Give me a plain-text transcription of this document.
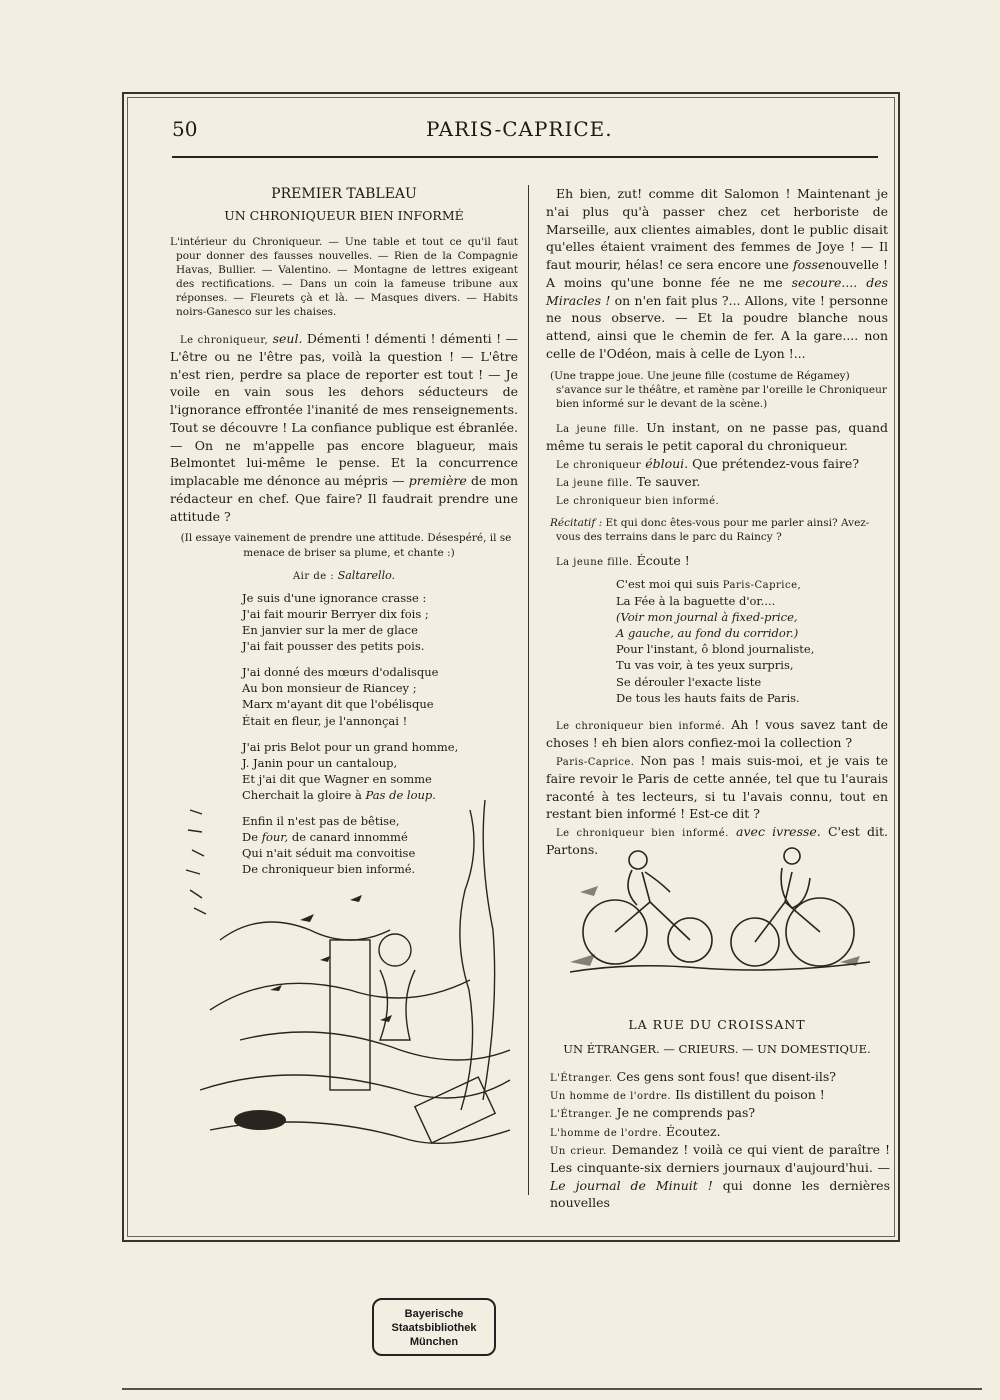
50	PARIS-CAPRICE.

PREMIER TABLEAU

UN CHRONIQUEUR BIEN INFORMÉ

L'intérieur du Chroniqueur. — Une table et tout ce qu'il faut pour donner des fausses nouvelles. — Rien de la Compagnie Havas, Bullier. — Valentino. — Montagne de lettres exigeant des rectifications. — Dans un coin la fameuse tribune aux réponses. — Fleurets çà et là. — Masques divers. — Habits noirs-Ganesco sur les chaises.

Le chroniqueur, seul. Démenti ! démenti ! démenti ! — L'être ou ne l'être pas, voilà la question ! — L'être n'est rien, perdre sa place de reporter est tout ! — Je voile en vain sous les dehors séducteurs de l'ignorance effrontée l'inanité de mes renseignements. Tout se découvre ! La confiance publique est ébranlée. — On ne m'appelle pas encore blagueur, mais Belmontet lui-même le pense. Et la concurrence implacable me dénonce au mépris — première de mon rédacteur en chef. Que faire? Il faudrait prendre une attitude ?

(Il essaye vainement de prendre une attitude. Désespéré, il se menace de briser sa plume, et chante :)

Air de : Saltarello.

Je suis d'une ignorance crasse :
J'ai fait mourir Berryer dix fois ;
En janvier sur la mer de glace
J'ai fait pousser des petits pois.
J'ai donné des mœurs d'odalisque
Au bon monsieur de Riancey ;
Marx m'ayant dit que l'obélisque
Était en fleur, je l'annonçai !
J'ai pris Belot pour un grand homme,
J. Janin pour un cantaloup,
Et j'ai dit que Wagner en somme
Cherchait la gloire à Pas de loup.
Enfin il n'est pas de bêtise,
De four, de canard innommé
Qui n'ait séduit ma convoitise
De chroniqueur bien informé.

Eh bien, zut! comme dit Salomon ! Maintenant je n'ai plus qu'à passer chez cet herboriste de Marseille, aux clientes aimables, dont le public disait qu'elles étaient vraiment des femmes de Joye ! — Il faut mourir, hélas! ce sera encore une fossenouvelle ! A moins qu'une bonne fée ne me secoure.... des Miracles ! on n'en fait plus ?... Allons, vite ! personne ne nous observe. — Et la poudre blanche nous attend, ainsi que le chemin de fer. A la gare.... non celle de l'Odéon, mais à celle de Lyon !...

(Une trappe joue. Une jeune fille (costume de Régamey) s'avance sur le théâtre, et ramène par l'oreille le Chroniqueur bien informé sur le devant de la scène.)

La jeune fille. Un instant, on ne passe pas, quand même tu serais le petit caporal du chroniqueur.

Le chroniqueur ébloui. Que prétendez-vous faire?

La jeune fille. Te sauver.

Le chroniqueur bien informé.

Récitatif : Et qui donc êtes-vous pour me parler ainsi? Avez-vous des terrains dans le parc du Raincy ?

La jeune fille. Écoute !

C'est moi qui suis Paris-Caprice,
La Fée à la baguette d'or....
(Voir mon journal à fixed-price,
A gauche, au fond du corridor.)
Pour l'instant, ô blond journaliste,
Tu vas voir, à tes yeux surpris,
Se dérouler l'exacte liste
De tous les hauts faits de Paris.

Le chroniqueur bien informé. Ah ! vous savez tant de choses ! eh bien alors confiez-moi la collection ?

Paris-Caprice. Non pas ! mais suis-moi, et je vais te faire revoir le Paris de cette année, tel que tu l'aurais raconté à tes lecteurs, si tu l'avais connu, tout en restant bien informé ! Est-ce dit ?

Le chroniqueur bien informé. avec ivresse. C'est dit. Partons.

LA RUE DU CROISSANT
UN ÉTRANGER. — CRIEURS. — UN DOMESTIQUE.

L'Étranger. Ces gens sont fous! que disent-ils?

Un homme de l'ordre. Ils distillent du poison !

L'Étranger. Je ne comprends pas?

L'homme de l'ordre. Écoutez.

Un crieur. Demandez ! voilà ce qui vient de paraître ! Les cinquante-six derniers journaux d'aujourd'hui. — Le journal de Minuit ! qui donne les dernières nouvelles

Bayerische
Staatsbibliothek
München
